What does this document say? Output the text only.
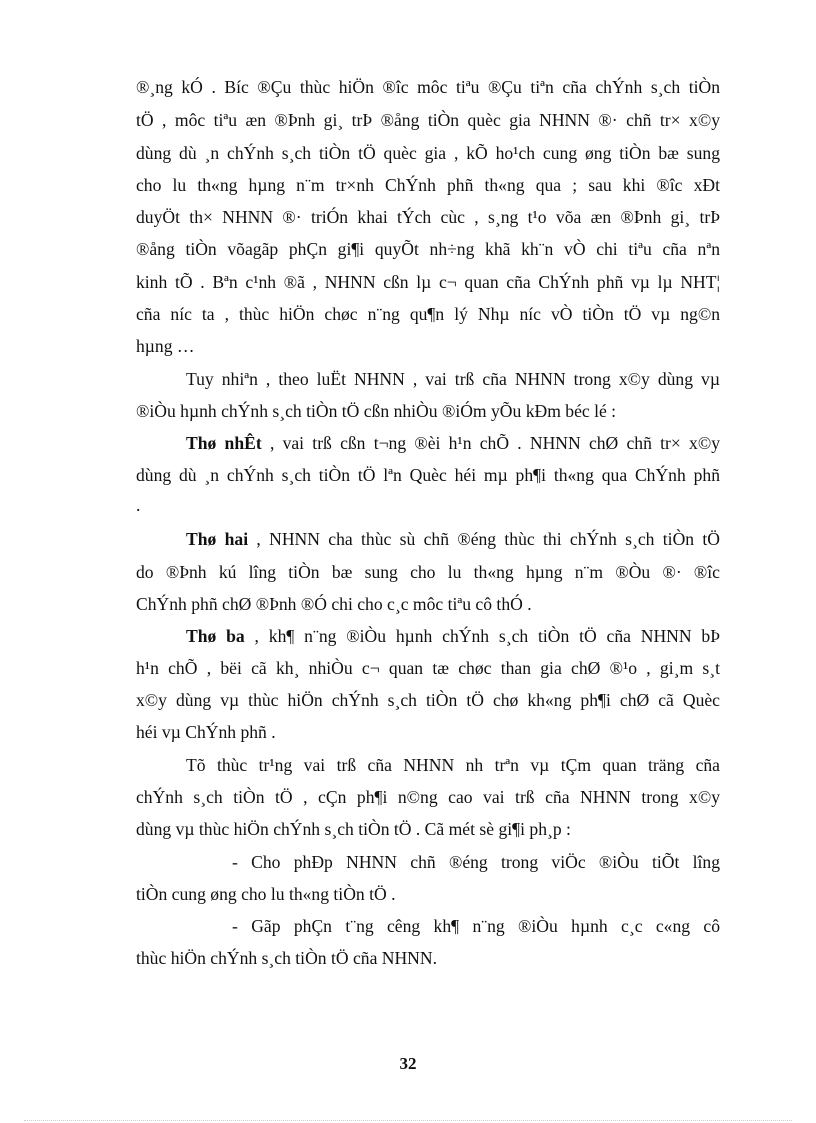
®¸ng kÓ . Bíc ®Çu thùc hiÖn ®îc môc tiªu ®Çu tiªn cña chÝnh s¸ch tiÒn
tÖ , môc tiªu æn ®Þnh gi¸ trÞ ®ång tiÒn quèc gia NHNN ®· chñ tr× x©y
dùng dù ¸n chÝnh s¸ch tiÒn tÖ quèc gia , kÕ ho¹ch cung øng tiÒn bæ sung
cho lu th«ng hµng n¨m tr×nh ChÝnh phñ th«ng qua ; sau khi ®îc xÐt
duyÖt th× NHNN ®· triÓn khai tÝch cùc , s¸ng t¹o võa æn ®Þnh gi¸ trÞ
®ång tiÒn võagãp phÇn gi¶i quyÕt nh÷ng khã kh¨n vÒ chi tiªu cña nªn
kinh tÕ . Bªn c¹nh ®ã , NHNN cßn lµ c¬ quan cña ChÝnh phñ vµ lµ NHT¦
cña níc ta , thùc hiÖn chøc n¨ng qu¶n lý Nhµ níc vÒ tiÒn tÖ vµ ng©n
hµng …
Tuy nhiªn , theo luËt NHNN , vai trß cña NHNN trong x©y dùng vµ
®iÒu hµnh chÝnh s¸ch tiÒn tÖ cßn nhiÒu ®iÓm yÕu kÐm béc lé :
Thø nhÊt , vai trß cßn t¬ng ®èi h¹n chÕ . NHNN chØ chñ tr× x©y
dùng dù ¸n chÝnh s¸ch tiÒn tÖ lªn Quèc héi mµ ph¶i th«ng qua ChÝnh phñ
.
Thø hai , NHNN cha thùc sù chñ ®éng thùc thi chÝnh s¸ch tiÒn tÖ
do ®Þnh kú lîng tiÒn bæ sung cho lu th«ng hµng n¨m ®Òu ®· ®îc
ChÝnh phñ chØ ®Þnh ®Ó chi cho c¸c môc tiªu cô thÓ .
Thø ba , kh¶ n¨ng ®iÒu hµnh chÝnh s¸ch tiÒn tÖ cña NHNN bÞ
h¹n chÕ , bëi cã kh¸ nhiÒu c¬ quan tæ chøc than gia chØ ®¹o , gi¸m s¸t
x©y dùng vµ thùc hiÖn chÝnh s¸ch tiÒn tÖ chø kh«ng ph¶i chØ cã Quèc
héi vµ ChÝnh phñ .
Tõ thùc tr¹ng vai trß cña NHNN nh trªn vµ tÇm quan träng cña
chÝnh s¸ch tiÒn tÖ , cÇn ph¶i n©ng cao vai trß cña NHNN trong x©y
dùng vµ thùc hiÖn chÝnh s¸ch tiÒn tÖ . Cã mét sè gi¶i ph¸p :
- Cho phÐp NHNN chñ ®éng trong viÖc ®iÒu tiÕt lîng
tiÒn cung øng cho lu th«ng tiÒn tÖ .
- Gãp phÇn t¨ng cêng kh¶ n¨ng ®iÒu hµnh c¸c c«ng cô
thùc hiÖn chÝnh s¸ch tiÒn tÖ cña NHNN.
32
